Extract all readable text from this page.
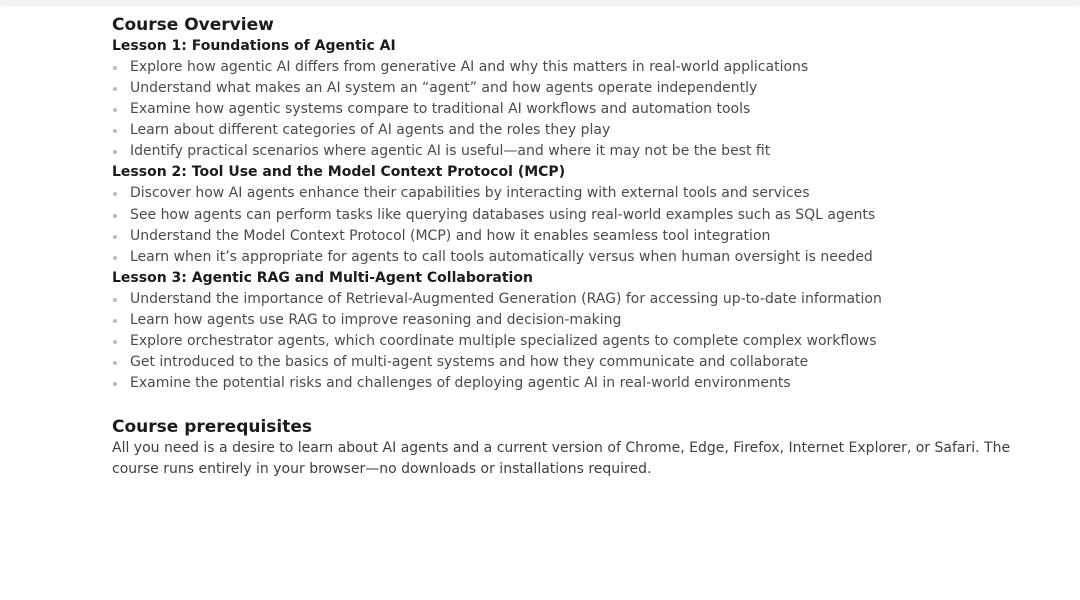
Course Overview
Lesson 1: Foundations of Agentic AI
Explore how agentic AI differs from generative AI and why this matters in real-world applications
Understand what makes an AI system an “agent” and how agents operate independently
Examine how agentic systems compare to traditional AI workflows and automation tools
Learn about different categories of AI agents and the roles they play
Identify practical scenarios where agentic AI is useful—and where it may not be the best fit
Lesson 2: Tool Use and the Model Context Protocol (MCP)
Discover how AI agents enhance their capabilities by interacting with external tools and services
See how agents can perform tasks like querying databases using real-world examples such as SQL agents
Understand the Model Context Protocol (MCP) and how it enables seamless tool integration
Learn when it’s appropriate for agents to call tools automatically versus when human oversight is needed
Lesson 3: Agentic RAG and Multi-Agent Collaboration
Understand the importance of Retrieval-Augmented Generation (RAG) for accessing up-to-date information
Learn how agents use RAG to improve reasoning and decision-making
Explore orchestrator agents, which coordinate multiple specialized agents to complete complex workflows
Get introduced to the basics of multi-agent systems and how they communicate and collaborate
Examine the potential risks and challenges of deploying agentic AI in real-world environments
Course prerequisites

All you need is a desire to learn about AI agents and a current version of Chrome, Edge, Firefox, Internet Explorer, or Safari. The course runs entirely in your browser—no downloads or installations required.
